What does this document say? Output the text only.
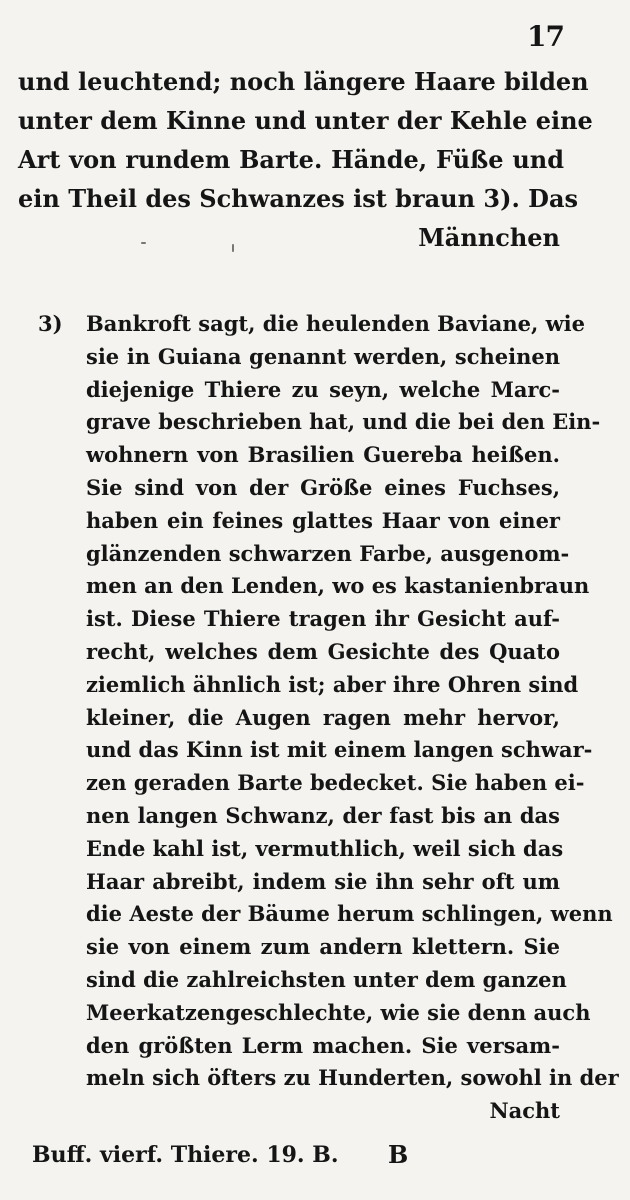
17
und leuchtend; noch längere Haare bilden
unter dem Kinne und unter der Kehle eine
Art von rundem Barte. Hände, Füße und
ein Theil des Schwanzes ist braun 3). Das
Männchen
3) Bankroft sagt, die heulenden Baviane, wie
sie in Guiana genannt werden, scheinen
diejenige Thiere zu seyn, welche Marc-
grave beschrieben hat, und die bei den Ein-
wohnern von Brasilien Guereba heißen.
Sie sind von der Größe eines Fuchses,
haben ein feines glattes Haar von einer
glänzenden schwarzen Farbe, ausgenom-
men an den Lenden, wo es kastanienbraun
ist. Diese Thiere tragen ihr Gesicht auf-
recht, welches dem Gesichte des Quato
ziemlich ähnlich ist; aber ihre Ohren sind
kleiner, die Augen ragen mehr hervor,
und das Kinn ist mit einem langen schwar-
zen geraden Barte bedecket. Sie haben ei-
nen langen Schwanz, der fast bis an das
Ende kahl ist, vermuthlich, weil sich das
Haar abreibt, indem sie ihn sehr oft um
die Aeste der Bäume herum schlingen, wenn
sie von einem zum andern klettern. Sie
sind die zahlreichsten unter dem ganzen
Meerkatzengeschlechte, wie sie denn auch
den größten Lerm machen. Sie versam-
meln sich öfters zu Hunderten, sowohl in der
Nacht
Buff. vierf. Thiere. 19. B. B
